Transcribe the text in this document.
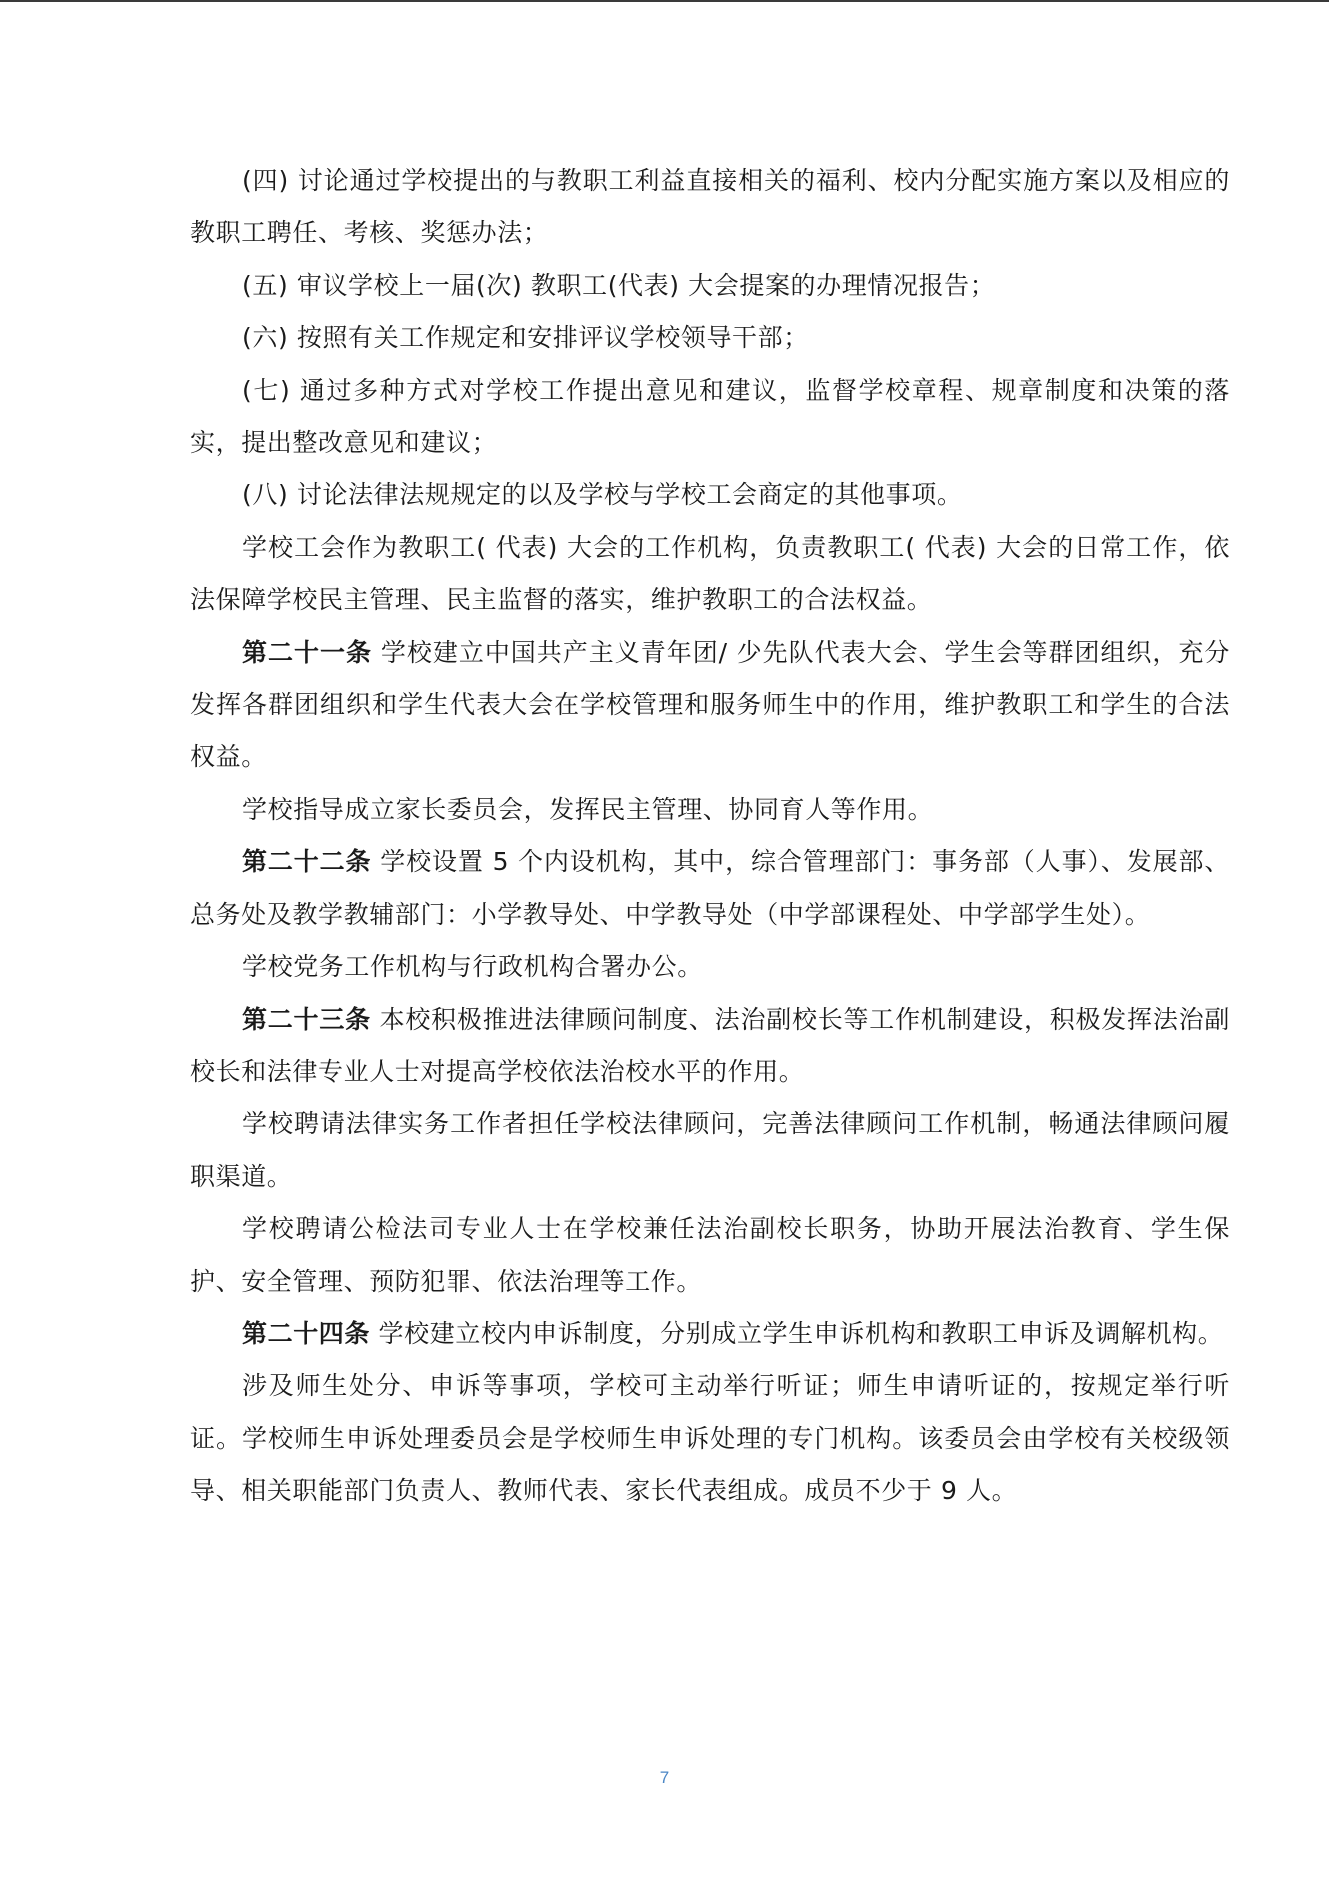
(四) 讨论通过学校提出的与教职工利益直接相关的福利、校内分配实施方案以及相应的教职工聘任、考核、奖惩办法；

(五) 审议学校上一届(次) 教职工(代表) 大会提案的办理情况报告；

(六) 按照有关工作规定和安排评议学校领导干部；

(七) 通过多种方式对学校工作提出意见和建议，监督学校章程、规章制度和决策的落实，提出整改意见和建议；

(八) 讨论法律法规规定的以及学校与学校工会商定的其他事项。

学校工会作为教职工( 代表) 大会的工作机构，负责教职工( 代表) 大会的日常工作，依法保障学校民主管理、民主监督的落实，维护教职工的合法权益。

第二十一条 学校建立中国共产主义青年团/ 少先队代表大会、学生会等群团组织，充分发挥各群团组织和学生代表大会在学校管理和服务师生中的作用，维护教职工和学生的合法权益。

学校指导成立家长委员会，发挥民主管理、协同育人等作用。

第二十二条 学校设置 5 个内设机构，其中，综合管理部门：事务部（人事）、发展部、总务处及教学教辅部门：小学教导处、中学教导处（中学部课程处、中学部学生处）。

学校党务工作机构与行政机构合署办公。

第二十三条 本校积极推进法律顾问制度、法治副校长等工作机制建设，积极发挥法治副校长和法律专业人士对提高学校依法治校水平的作用。

学校聘请法律实务工作者担任学校法律顾问，完善法律顾问工作机制，畅通法律顾问履职渠道。

学校聘请公检法司专业人士在学校兼任法治副校长职务，协助开展法治教育、学生保护、安全管理、预防犯罪、依法治理等工作。

第二十四条 学校建立校内申诉制度，分别成立学生申诉机构和教职工申诉及调解机构。

涉及师生处分、申诉等事项，学校可主动举行听证；师生申请听证的，按规定举行听证。学校师生申诉处理委员会是学校师生申诉处理的专门机构。该委员会由学校有关校级领导、相关职能部门负责人、教师代表、家长代表组成。成员不少于 9 人。

7
